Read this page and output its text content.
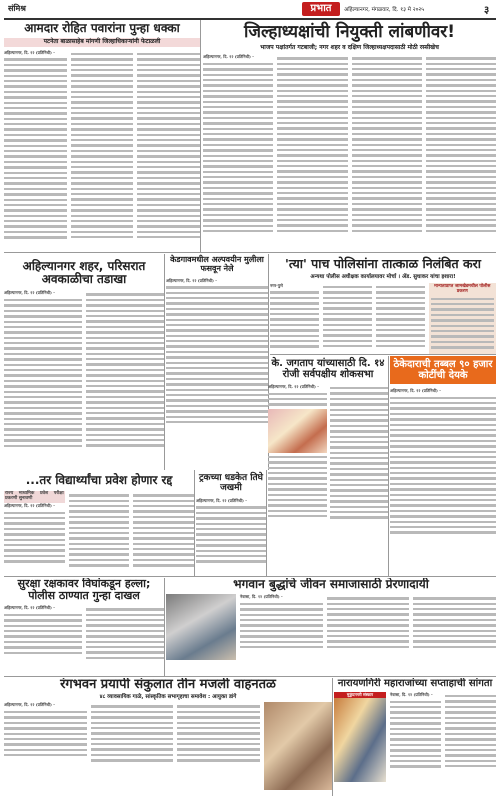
संमिश्र	प्रभात	अहिल्यानगर, मंगळवार, दि. १३ मे २०२५	३
आमदार रोहित पवारांना पुन्हा धक्का
पटनेता बाळासाहेब मांगणी जिल्हाधिकाऱ्यांनी फेटाळली
अहिल्यानगर, दि. १२ (प्रतिनिधी) -
जिल्हाध्यक्षांची नियुक्ती लांबणीवर!
भाजप पक्षांतर्गत गटबाजी; नगर शहर व दक्षिण जिल्हाध्यक्षपदासाठी मोठी रस्सीखेच
अहिल्यानगर, दि. १२ (प्रतिनिधी) -
अहिल्यानगर शहर, परिसरात अवकाळीचा तडाखा
अहिल्यानगर, दि. १२ (प्रतिनिधी) -
केडगावमधील अल्पवयीन मुलीला फसवून नेले
अहिल्यानगर, दि. १२ (प्रतिनिधी) -
'त्या' पाच पोलिसांना तात्काळ निलंबित करा
अन्यथा पोलीस अधीक्षक कार्यालयावर मोर्चा । ॲड. सुधाकर यांचा इशारा!
नगर-पुणे	मान्यताप्राप्त जामखेडमधील पोलीस प्रकरण
...तर विद्यार्थ्यांचा प्रवेश होणार रद्द
राज्य माध्यमिक प्रवेश परीक्षा प्रकरणी सुनावणी
अहिल्यानगर, दि. १२ (प्रतिनिधी) -
ट्रकच्या धडकेत तिघे जखमी
अहिल्यानगर, दि. १२ (प्रतिनिधी) -
के. जगताप यांच्यासाठी दि. १४ रोजी सर्वपक्षीय शोकसभा
अहिल्यानगर, दि. १२ (प्रतिनिधी) -
ठेकेदाराची तब्बल ९० हजार कोटींची देयके
अहिल्यानगर, दि. १२ (प्रतिनिधी) -
सुरक्षा रक्षकावर विघांकडून हल्ला; पोलीस ठाण्यात गुन्हा दाखल
अहिल्यानगर, दि. १२ (प्रतिनिधी) -
भगवान बुद्धांचे जीवन समाजासाठी प्रेरणादायी
नेवासा, दि. १२ (प्रतिनिधी) -
रंगभवन प्रयापी संकुलात तीन मजली वाहनतळ
४८ व्यावसायिक गाळे, सांस्कृतिक सभागृहाचा समावेश : आयुक्त डांगे
अहिल्यानगर, दि. १२ (प्रतिनिधी) -
नारायणगिरी महाराजांच्या सप्ताहाची सांगता
मुकुंदनगरी संस्कार	नेवासा, दि. १२ (प्रतिनिधी) -
